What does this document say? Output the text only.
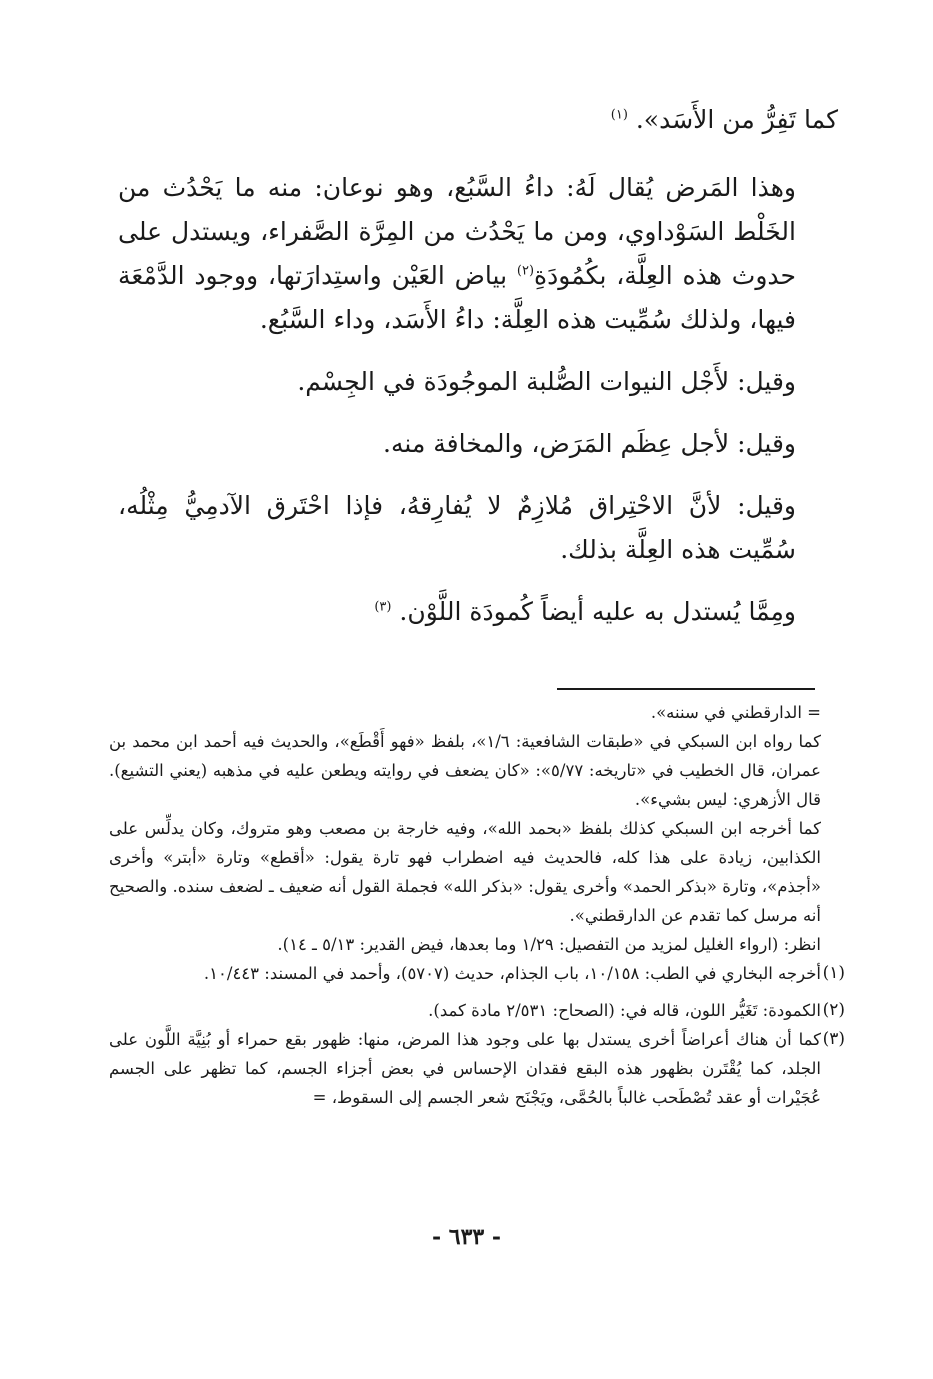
كما تَفِرُّ من الأَسَد». $^{(١)}$

وهذا المَرض يُقال لَهُ: داءُ السَّبُع، وهو نوعان: منه ما يَحْدُث من الخَلْط السَوْداوي، ومن ما يَحْدُث من المِرَّة الصَّفراء، ويستدل على حدوث هذه العِلَّة، بكُمُودَةِ$^{(٢)}$ بياض العَيْن واستِدارَتها، ووجود الدَّمْعَة فيها، ولذلك سُمِّيت هذه العِلَّة: داءُ الأَسَد، وداء السَّبُع.

وقيل: لأَجْل النيوات الصُّلبة الموجُودَة في الجِسْم.

وقيل: لأجل عِظَم المَرَض، والمخافة منه.

وقيل: لأنَّ الاحْتِراق مُلازِمٌ لا يُفارِقهُ، فإذا احْتَرق الآدمِيُّ مِثْلُه، سُمِّيت هذه العِلَّة بذلك.

ومِمَّا يُستدل به عليه أيضاً كُمودَة اللَّوْن. $^{(٣)}$

= الدارقطني في سننه».

كما رواه ابن السبكي في «طبقات الشافعية: ١/٦»، بلفظ «فهو أَقْطَع»، والحديث فيه أحمد ابن محمد بن عمران، قال الخطيب في «تاريخه: ٥/٧٧»: «كان يضعف في روايته ويطعن عليه في مذهبه (يعني التشيع). قال الأزهري: ليس بشيء».

كما أخرجه ابن السبكي كذلك بلفظ «بحمد الله»، وفيه خارجة بن مصعب وهو متروك، وكان يدلِّس على الكذابين، زيادة على هذا كله، فالحديث فيه اضطراب فهو تارة يقول: «أقطع» وتارة «أبتر» وأخرى «أجذم»، وتارة «بذكر الحمد» وأخرى يقول: «بذكر الله» فجملة القول أنه ضعيف ـ لضعف سنده. والصحيح أنه مرسل كما تقدم عن الدارقطني».

انظر: (ارواء الغليل لمزيد من التفصيل: ١/٢٩ وما بعدها، فيض القدير: ٥/١٣ ـ ١٤).

(١)
أخرجه البخاري في الطب: ١٠/١٥٨، باب الجذام، حديث (٥٧٠٧)، وأحمد في المسند: ١٠/٤٤٣.

(٢)
الكمودة: تَغَيُّر اللون، قاله في: (الصحاح: ٢/٥٣١ مادة كمد).

(٣)
كما أن هناك أعراضاً أخرى يستدل بها على وجود هذا المرض، منها: ظهور بقع حمراء أو بُنِيَّة اللَّون على الجلد، كما يُقْتَرن بظهور هذه البقع فقدان الإحساس في بعض أجزاء الجسم، كما تظهر على الجسم عُجَيْرات أو عقد تُصْطَحب غالباً بالحُمَّى، ويَجْنَح شعر الجسم إلى السقوط، =

- ٦٣٣ -
